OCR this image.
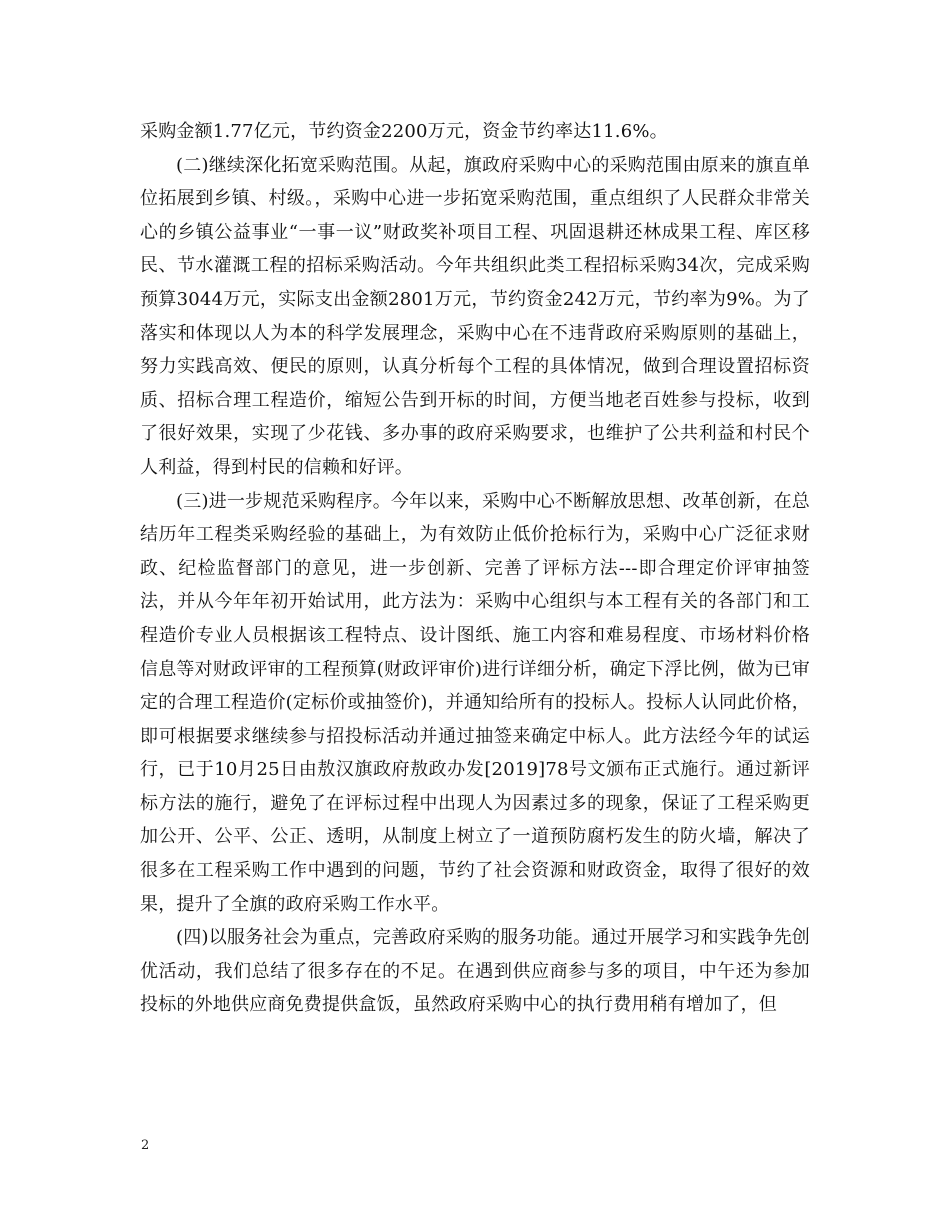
采购金额1.77亿元，节约资金2200万元，资金节约率达11.6%。

(二)继续深化拓宽采购范围。从起，旗政府采购中心的采购范围由原来的旗直单位拓展到乡镇、村级。，采购中心进一步拓宽采购范围，重点组织了人民群众非常关心的乡镇公益事业“一事一议”财政奖补项目工程、巩固退耕还林成果工程、库区移民、节水灌溉工程的招标采购活动。今年共组织此类工程招标采购34次，完成采购预算3044万元，实际支出金额2801万元，节约资金242万元，节约率为9%。为了落实和体现以人为本的科学发展理念，采购中心在不违背政府采购原则的基础上，努力实践高效、便民的原则，认真分析每个工程的具体情况，做到合理设置招标资质、招标合理工程造价，缩短公告到开标的时间，方便当地老百姓参与投标，收到了很好效果，实现了少花钱、多办事的政府采购要求，也维护了公共利益和村民个人利益，得到村民的信赖和好评。

(三)进一步规范采购程序。今年以来，采购中心不断解放思想、改革创新，在总结历年工程类采购经验的基础上，为有效防止低价抢标行为，采购中心广泛征求财政、纪检监督部门的意见，进一步创新、完善了评标方法---即合理定价评审抽签法，并从今年年初开始试用，此方法为：采购中心组织与本工程有关的各部门和工程造价专业人员根据该工程特点、设计图纸、施工内容和难易程度、市场材料价格信息等对财政评审的工程预算(财政评审价)进行详细分析，确定下浮比例，做为已审定的合理工程造价(定标价或抽签价)，并通知给所有的投标人。投标人认同此价格，即可根据要求继续参与招投标活动并通过抽签来确定中标人。此方法经今年的试运行，已于10月25日由敖汉旗政府敖政办发[2019]78号文颁布正式施行。通过新评标方法的施行，避免了在评标过程中出现人为因素过多的现象，保证了工程采购更加公开、公平、公正、透明，从制度上树立了一道预防腐朽发生的防火墙，解决了很多在工程采购工作中遇到的问题，节约了社会资源和财政资金，取得了很好的效果，提升了全旗的政府采购工作水平。

(四)以服务社会为重点，完善政府采购的服务功能。通过开展学习和实践争先创优活动，我们总结了很多存在的不足。在遇到供应商参与多的项目，中午还为参加投标的外地供应商免费提供盒饭，虽然政府采购中心的执行费用稍有增加了，但

2
